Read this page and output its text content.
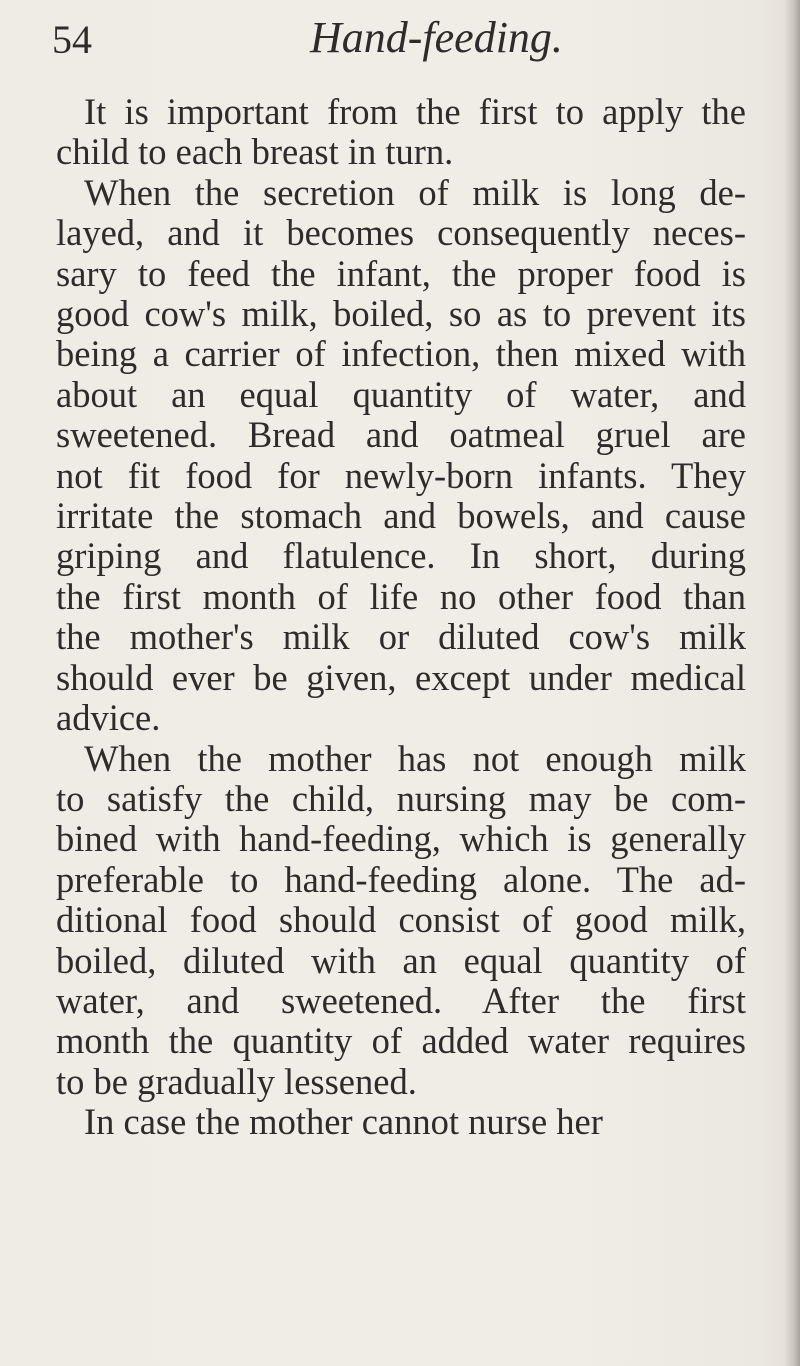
54	Hand-feeding.
It is important from the first to apply the
child to each breast in turn.
When the secretion of milk is long de-
layed, and it becomes consequently neces-
sary to feed the infant, the proper food is
good cow's milk, boiled, so as to prevent its
being a carrier of infection, then mixed with
about an equal quantity of water, and
sweetened. Bread and oatmeal gruel are
not fit food for newly-born infants. They
irritate the stomach and bowels, and cause
griping and flatulence. In short, during
the first month of life no other food than
the mother's milk or diluted cow's milk
should ever be given, except under medical
advice.
When the mother has not enough milk
to satisfy the child, nursing may be com-
bined with hand-feeding, which is generally
preferable to hand-feeding alone. The ad-
ditional food should consist of good milk,
boiled, diluted with an equal quantity of
water, and sweetened. After the first
month the quantity of added water requires
to be gradually lessened.
In case the mother cannot nurse her
